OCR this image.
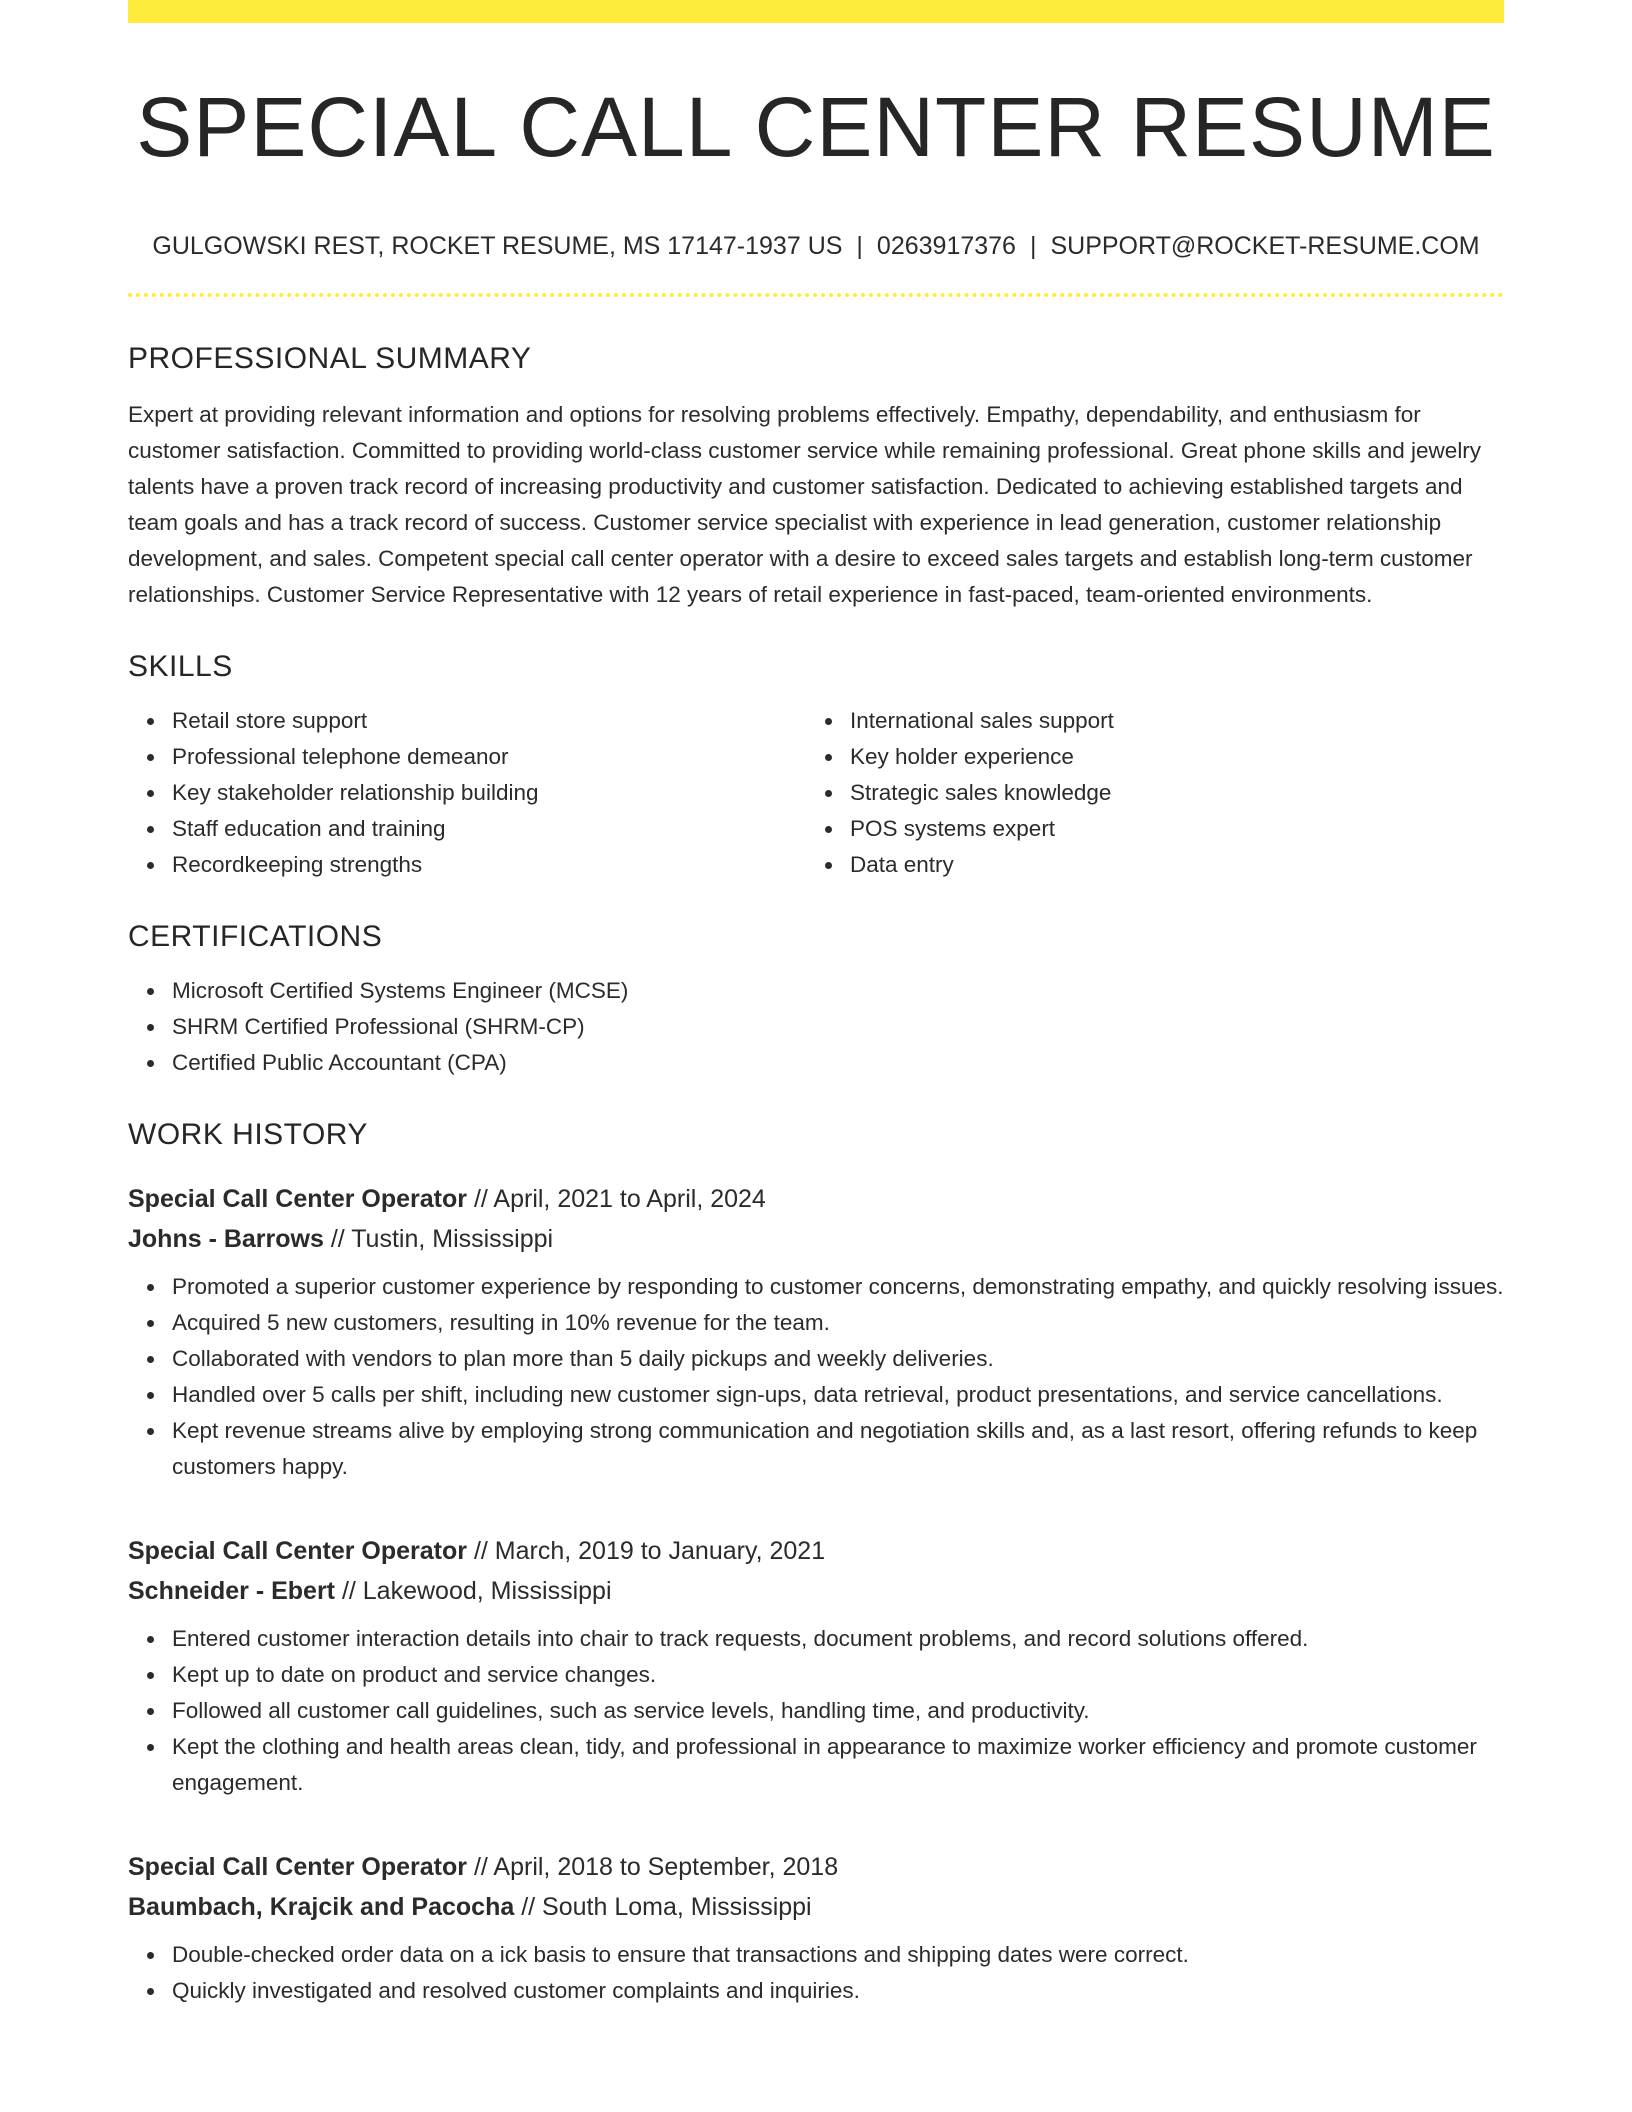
SPECIAL CALL CENTER RESUME
GULGOWSKI REST, ROCKET RESUME, MS 17147-1937 US | 0263917376 | SUPPORT@ROCKET-RESUME.COM
PROFESSIONAL SUMMARY

Expert at providing relevant information and options for resolving problems effectively. Empathy, dependability, and enthusiasm for customer satisfaction. Committed to providing world-class customer service while remaining professional. Great phone skills and jewelry talents have a proven track record of increasing productivity and customer satisfaction. Dedicated to achieving established targets and team goals and has a track record of success. Customer service specialist with experience in lead generation, customer relationship development, and sales. Competent special call center operator with a desire to exceed sales targets and establish long-term customer relationships. Customer Service Representative with 12 years of retail experience in fast-paced, team-oriented environments.

SKILLS
Retail store support
Professional telephone demeanor
Key stakeholder relationship building
Staff education and training
Recordkeeping strengths
International sales support
Key holder experience
Strategic sales knowledge
POS systems expert
Data entry
CERTIFICATIONS
Microsoft Certified Systems Engineer (MCSE)
SHRM Certified Professional (SHRM-CP)
Certified Public Accountant (CPA)
WORK HISTORY
Special Call Center Operator // April, 2021 to April, 2024
Johns - Barrows // Tustin, Mississippi
Promoted a superior customer experience by responding to customer concerns, demonstrating empathy, and quickly resolving issues.
Acquired 5 new customers, resulting in 10% revenue for the team.
Collaborated with vendors to plan more than 5 daily pickups and weekly deliveries.
Handled over 5 calls per shift, including new customer sign-ups, data retrieval, product presentations, and service cancellations.
Kept revenue streams alive by employing strong communication and negotiation skills and, as a last resort, offering refunds to keep customers happy.
Special Call Center Operator // March, 2019 to January, 2021
Schneider - Ebert // Lakewood, Mississippi
Entered customer interaction details into chair to track requests, document problems, and record solutions offered.
Kept up to date on product and service changes.
Followed all customer call guidelines, such as service levels, handling time, and productivity.
Kept the clothing and health areas clean, tidy, and professional in appearance to maximize worker efficiency and promote customer engagement.
Special Call Center Operator // April, 2018 to September, 2018
Baumbach, Krajcik and Pacocha // South Loma, Mississippi
Double-checked order data on a ick basis to ensure that transactions and shipping dates were correct.
Quickly investigated and resolved customer complaints and inquiries.
